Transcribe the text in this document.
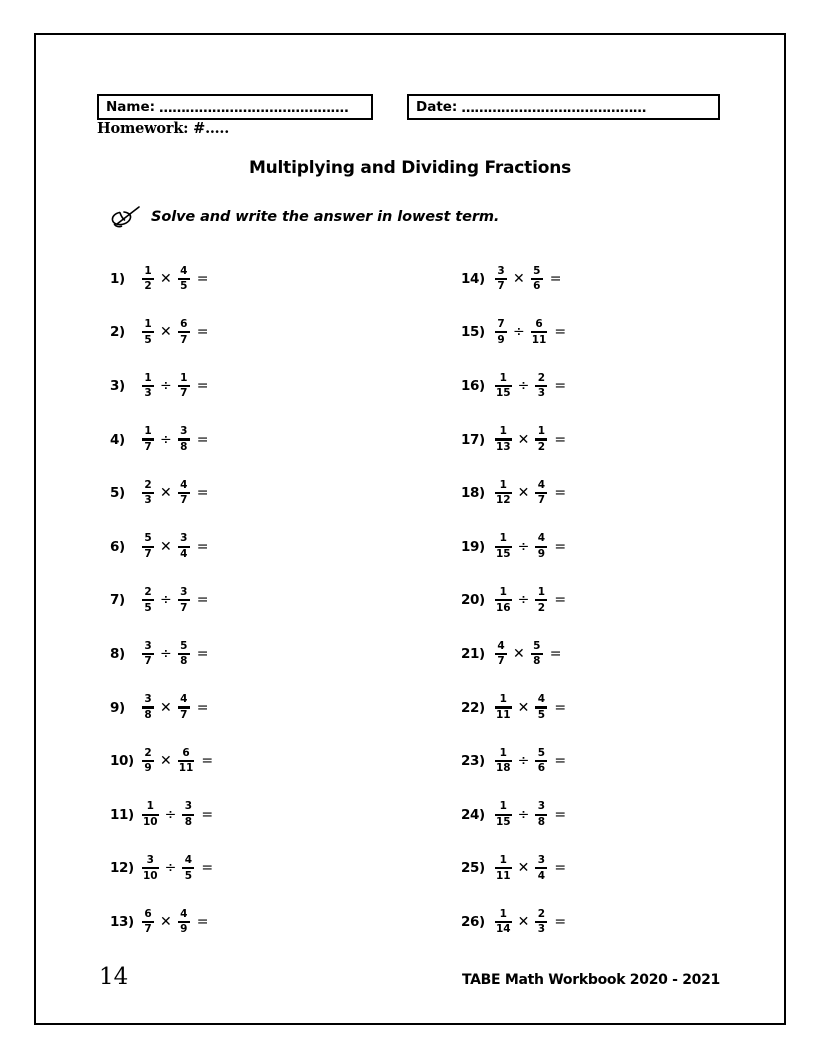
Name: …………………………………….	Date: ……………………………………
Homework: #…..
Multiplying and Dividing Fractions
Solve and write the answer in lowest term.
1)	$\frac{1}{2}$ ✕ $\frac{4}{5}$ =
2)	$\frac{1}{5}$ ✕ $\frac{6}{7}$ =
3)	$\frac{1}{3} \div \frac{1}{7}$ =
4)	$\frac{1}{7} \div \frac{3}{8}$ =
5)	$\frac{2}{3}$ ✕ $\frac{4}{7}$ =
6)	$\frac{5}{7}$ ✕ $\frac{3}{4}$ =
7)	$\frac{2}{5} \div \frac{3}{7}$ =
8)	$\frac{3}{7} \div \frac{5}{8}$ =
9)	$\frac{3}{8}$ ✕ $\frac{4}{7}$ =
$10) \frac{2}{9}$ ✕ $\frac{6}{11}$ =
$11) \frac{1}{10} \div \frac{3}{8}$ =
$12) \frac{3}{10} \div \frac{4}{5}$ =
$13) \frac{6}{7}$ ✕ $\frac{4}{9}$ =
$14) \frac{3}{7}$ ✕ $\frac{5}{6}$ =
$15) \frac{7}{9} \div \frac{6}{11}$ =
$16) \frac{1}{15} \div \frac{2}{3}$ =
$17) \frac{1}{13}$ ✕ $\frac{1}{2}$ =
$18) \frac{1}{12}$ ✕ $\frac{4}{7}$ =
$19) \frac{1}{15} \div \frac{4}{9}$ =
$20) \frac{1}{16} \div \frac{1}{2}$ =
$21) \frac{4}{7}$ ✕ $\frac{5}{8}$ =
$22) \frac{1}{11}$ ✕ $\frac{4}{5}$ =
$23) \frac{1}{18} \div \frac{5}{6}$ =
$24) \frac{1}{15} \div \frac{3}{8}$ =
$25) \frac{1}{11}$ ✕ $\frac{3}{4}$ =
$26) \frac{1}{14}$ ✕ $\frac{2}{3}$ =
14	TABE Math Workbook 2020 - 2021
